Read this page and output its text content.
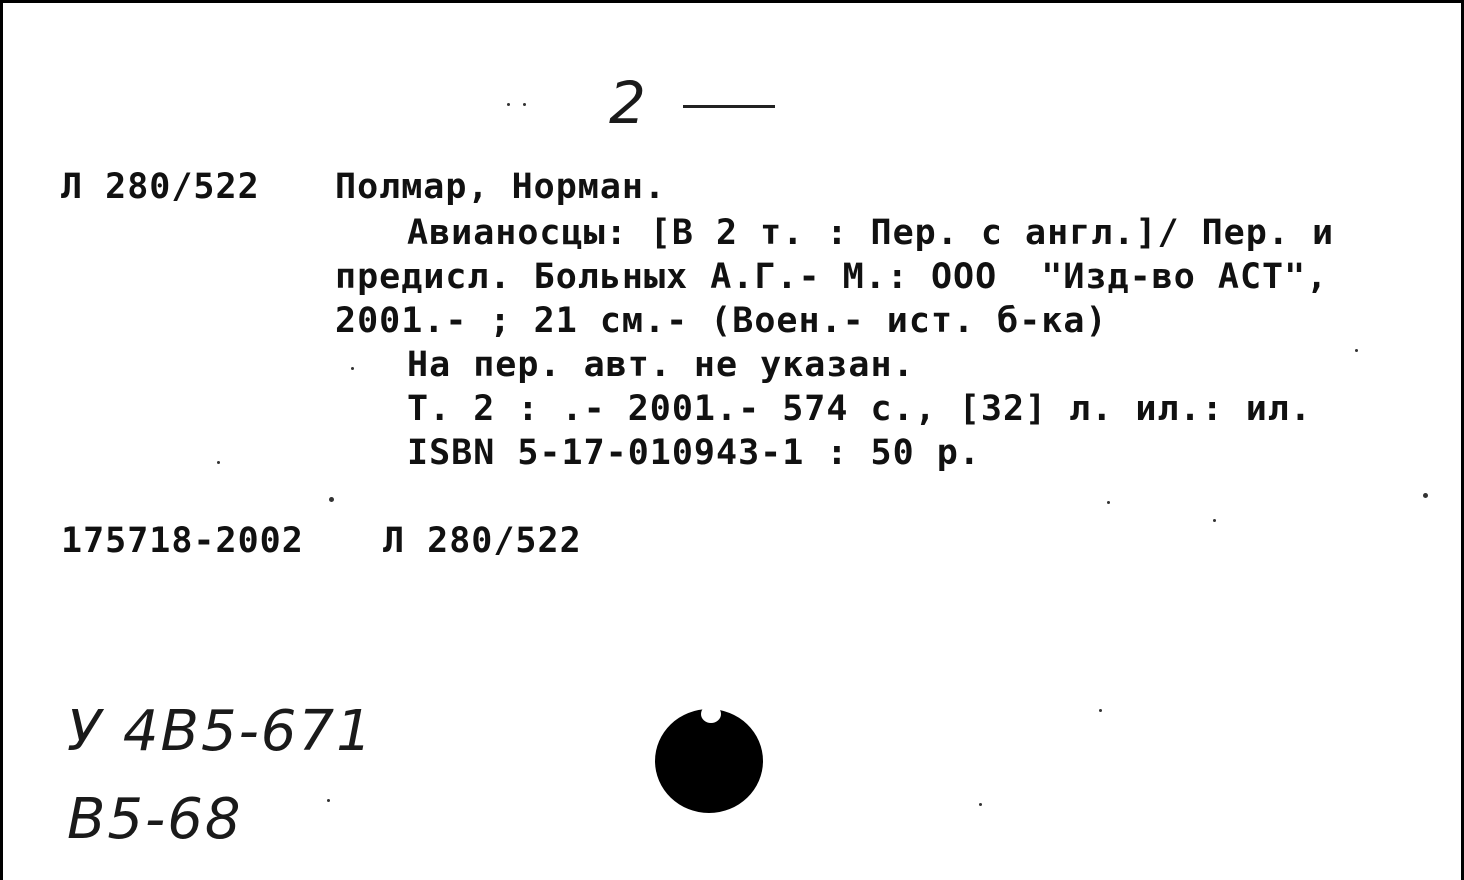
2
Л 280/522 Полмар, Норман.
Авианосцы: [В 2 т. : Пер. с англ.]/ Пер. и
предисл. Больных А.Г.- М.: ООО  "Изд-во АСТ",
2001.- ; 21 см.- (Воен.- ист. б-ка)
На пер. авт. не указан.
Т. 2 : .- 2001.- 574 с., [32] л. ил.: ил.
ISBN 5-17-010943-1 : 50 р.
175718-2002 Л 280/522
У 4В5-671
В5-68
